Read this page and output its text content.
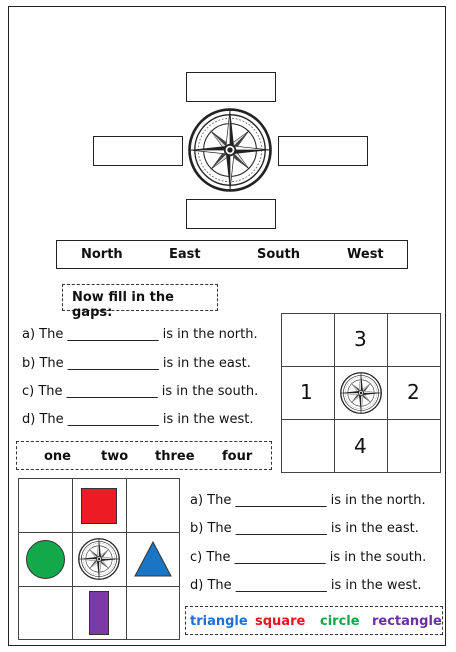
North	East	South	West
Now fill in the gaps:
a) The ______________ is in the north.
b) The ______________ is in the east.
c) The ______________ is in the south.
d) The ______________ is in the west.
one two three four
3
1	2
4
a) The ______________ is in the north.
b) The ______________ is in the east.
c) The ______________ is in the south.
d) The ______________ is in the west.
triangle square circle rectangle
